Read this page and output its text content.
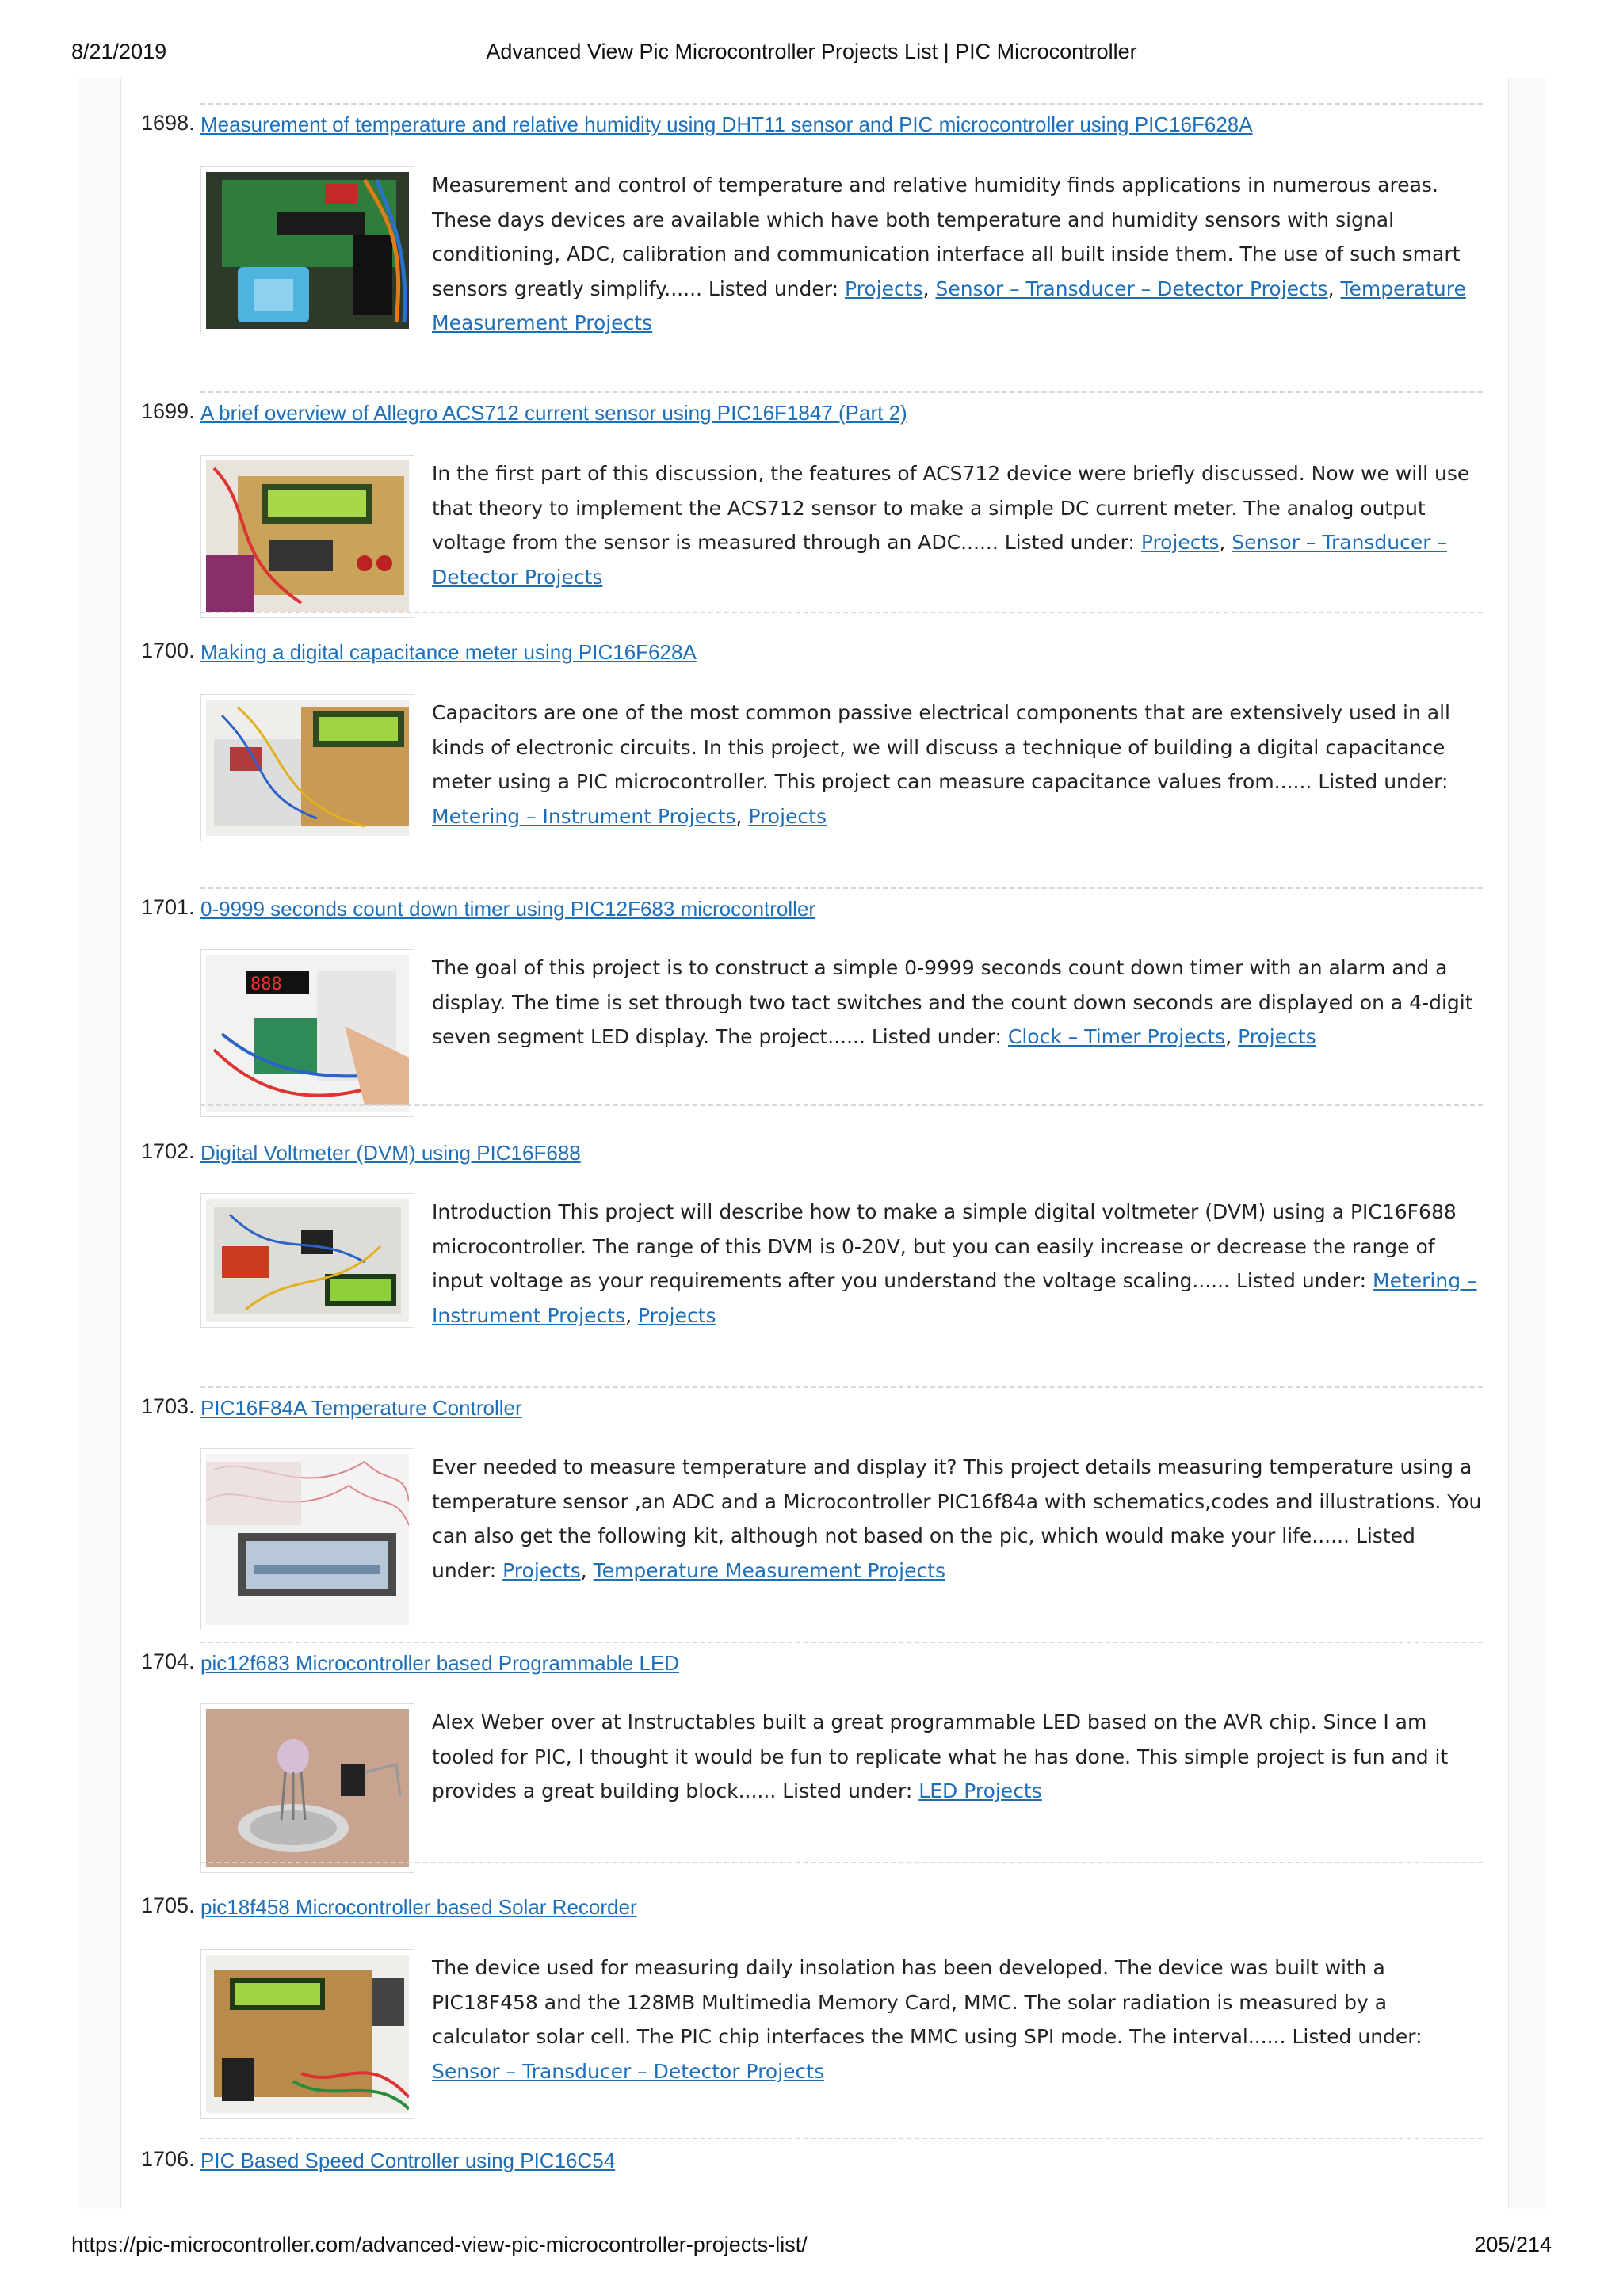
8/21/2019	Advanced View Pic Microcontroller Projects List | PIC Microcontroller
1698. Measurement of temperature and relative humidity using DHT11 sensor and PIC microcontroller using PIC16F628A
Measurement and control of temperature and relative humidity finds applications in numerous areas. These days devices are available which have both temperature and humidity sensors with signal conditioning, ADC, calibration and communication interface all built inside them. The use of such smart sensors greatly simplify...... Listed under: Projects, Sensor – Transducer – Detector Projects, Temperature Measurement Projects
1699. A brief overview of Allegro ACS712 current sensor using PIC16F1847 (Part 2)
In the first part of this discussion, the features of ACS712 device were briefly discussed. Now we will use that theory to implement the ACS712 sensor to make a simple DC current meter. The analog output voltage from the sensor is measured through an ADC...... Listed under: Projects, Sensor – Transducer – Detector Projects
1700. Making a digital capacitance meter using PIC16F628A
Capacitors are one of the most common passive electrical components that are extensively used in all kinds of electronic circuits. In this project, we will discuss a technique of building a digital capacitance meter using a PIC microcontroller. This project can measure capacitance values from...... Listed under: Metering – Instrument Projects, Projects
1701. 0-9999 seconds count down timer using PIC12F683 microcontroller
888
The goal of this project is to construct a simple 0-9999 seconds count down timer with an alarm and a display. The time is set through two tact switches and the count down seconds are displayed on a 4-digit seven segment LED display. The project...... Listed under: Clock – Timer Projects, Projects
1702. Digital Voltmeter (DVM) using PIC16F688
Introduction This project will describe how to make a simple digital voltmeter (DVM) using a PIC16F688 microcontroller. The range of this DVM is 0-20V, but you can easily increase or decrease the range of input voltage as your requirements after you understand the voltage scaling...... Listed under: Metering – Instrument Projects, Projects
1703. PIC16F84A Temperature Controller
Ever needed to measure temperature and display it? This project details measuring temperature using a temperature sensor ,an ADC and a Microcontroller PIC16f84a with schematics,codes and illustrations. You can also get the following kit, although not based on the pic, which would make your life...... Listed under: Projects, Temperature Measurement Projects
1704. pic12f683 Microcontroller based Programmable LED
Alex Weber over at Instructables built a great programmable LED based on the AVR chip. Since I am tooled for PIC, I thought it would be fun to replicate what he has done. This simple project is fun and it provides a great building block...... Listed under: LED Projects
1705. pic18f458 Microcontroller based Solar Recorder
The device used for measuring daily insolation has been developed. The device was built with a PIC18F458 and the 128MB Multimedia Memory Card, MMC. The solar radiation is measured by a calculator solar cell. The PIC chip interfaces the MMC using SPI mode. The interval...... Listed under: Sensor – Transducer – Detector Projects
1706. PIC Based Speed Controller using PIC16C54
https://pic-microcontroller.com/advanced-view-pic-microcontroller-projects-list/	205/214
